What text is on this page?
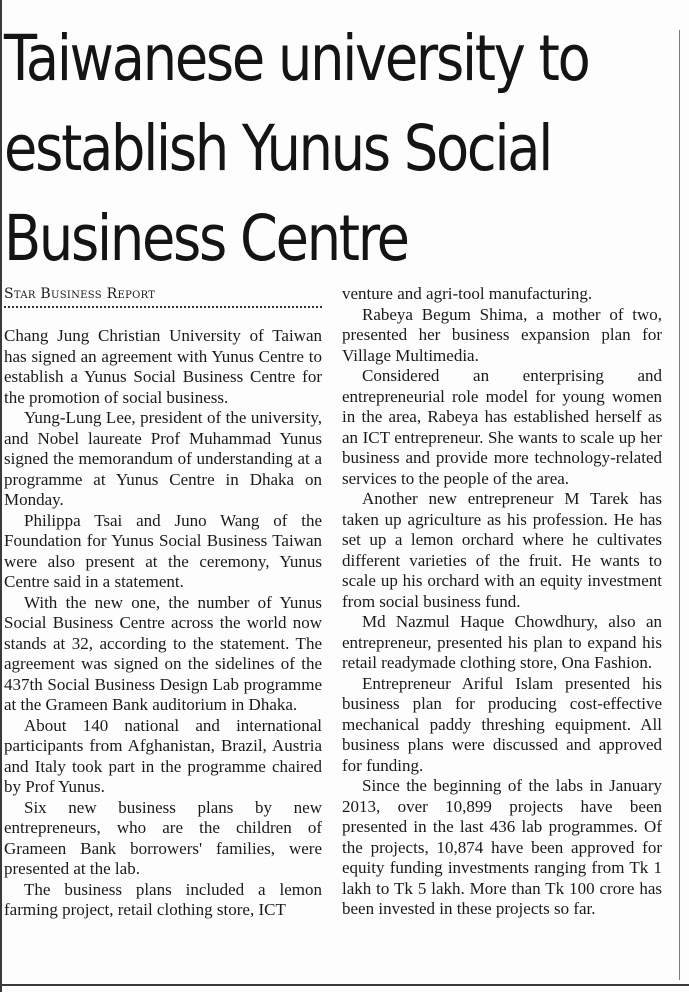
Taiwanese university to
establish Yunus Social
Business Centre
Star Business Report

Chang Jung Christian University of Taiwan has signed an agreement with Yunus Centre to establish a Yunus Social Business Centre for the promotion of social business.

Yung-Lung Lee, president of the university, and Nobel laureate Prof Muhammad Yunus signed the memorandum of understanding at a programme at Yunus Centre in Dhaka on Monday.

Philippa Tsai and Juno Wang of the Foundation for Yunus Social Business Taiwan were also present at the ceremony, Yunus Centre said in a statement.

With the new one, the number of Yunus Social Business Centre across the world now stands at 32, according to the statement. The agreement was signed on the sidelines of the 437th Social Business Design Lab programme at the Grameen Bank auditorium in Dhaka.

About 140 national and international participants from Afghanistan, Brazil, Austria and Italy took part in the programme chaired by Prof Yunus.

Six new business plans by new entrepreneurs, who are the children of Grameen Bank borrowers' families, were presented at the lab.

The business plans included a lemon farming project, retail clothing store, ICT

venture and agri-tool manufacturing.

Rabeya Begum Shima, a mother of two, presented her business expansion plan for Village Multimedia.

Considered an enterprising and entrepreneurial role model for young women in the area, Rabeya has established herself as an ICT entrepreneur. She wants to scale up her business and provide more technology-related services to the people of the area.

Another new entrepreneur M Tarek has taken up agriculture as his profession. He has set up a lemon orchard where he cultivates different varieties of the fruit. He wants to scale up his orchard with an equity investment from social business fund.

Md Nazmul Haque Chowdhury, also an entrepreneur, presented his plan to expand his retail readymade clothing store, Ona Fashion.

Entrepreneur Ariful Islam presented his business plan for producing cost-effective mechanical paddy threshing equipment. All business plans were discussed and approved for funding.

Since the beginning of the labs in January 2013, over 10,899 projects have been presented in the last 436 lab programmes. Of the projects, 10,874 have been approved for equity funding investments ranging from Tk 1 lakh to Tk 5 lakh. More than Tk 100 crore has been invested in these projects so far.
